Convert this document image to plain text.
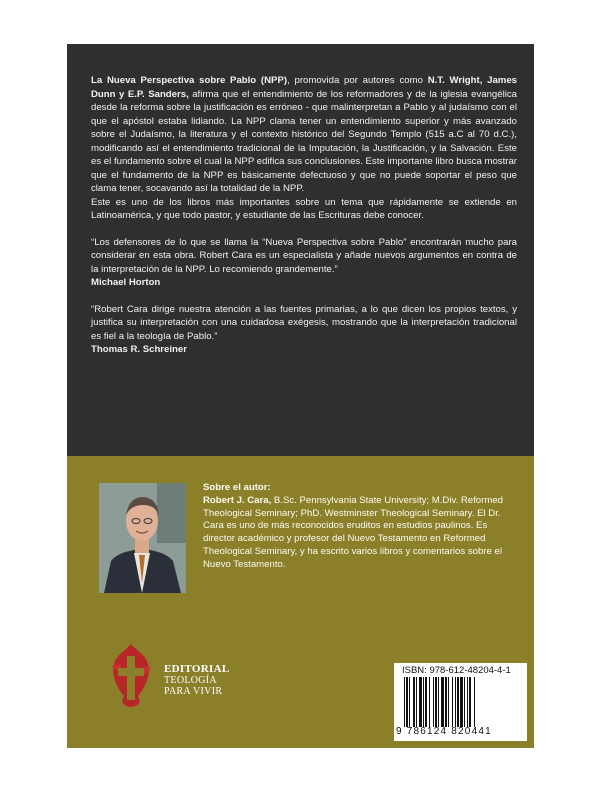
La Nueva Perspectiva sobre Pablo (NPP), promovida por autores como N.T. Wright, James Dunn y E.P. Sanders, afirma que el entendimiento de los reformadores y de la iglesia evangélica desde la reforma sobre la justificación es erróneo - que malinterpretan a Pablo y al judaísmo con el que el apóstol estaba lidiando. La NPP clama tener un entendimiento superior y más avanzado sobre el Judaísmo, la literatura y el contexto histórico del Segundo Templo (515 a.C al 70 d.C.), modificando así el entendimiento tradicional de la Imputación, la Justificación, y la Salvación. Este es el fundamento sobre el cual la NPP edifica sus conclusiones. Este importante libro busca mostrar que el fundamento de la NPP es básicamente defectuoso y que no puede soportar el peso que clama tener, socavando así la totalidad de la NPP.

Este es uno de los libros más importantes sobre un tema que rápidamente se extiende en Latinoamérica, y que todo pastor, y estudiante de las Escrituras debe conocer.

“Los defensores de lo que se llama la “Nueva Perspectiva sobre Pablo” encontrarán mucho para considerar en esta obra. Robert Cara es un especialista y añade nuevos argumentos en contra de la interpretación de la NPP. Lo recomiendo grandemente.”

Michael Horton

“Robert Cara dirige nuestra atención a las fuentes primarias, a lo que dicen los propios textos, y justifica su interpretación con una cuidadosa exégesis, mostrando que la interpretación tradicional es fiel a la teología de Pablo.”

Thomas R. Schreiner

Sobre el autor:
Robert J. Cara, B.Sc. Pennsylvania State University; M.Div. Reformed Theological Seminary; PhD. Westminster Theological Seminary. El Dr. Cara es uno de más reconocidos eruditos en estudios paulinos. Es director académico y profesor del Nuevo Testamento en Reformed Theological Seminary, y ha escrito varios libros y comentarios sobre el Nuevo Testamento.
EDITORIAL
TEOLOGÍA
PARA VIVIR
ISBN: 978-612-48204-4-1
9 786124 820441
